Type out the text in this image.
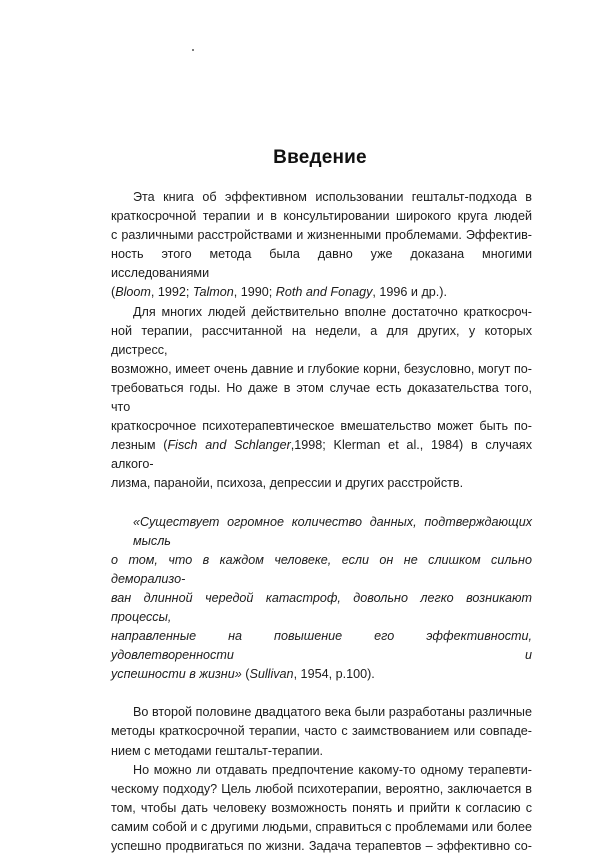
Введение

Эта книга об эффективном использовании гештальт-подхода в
краткосрочной терапии и в консультировании широкого круга людей
с различными расстройствами и жизненными проблемами. Эффектив-
ность этого метода была давно уже доказана многими исследованиями
(Bloom, 1992; Talmon, 1990; Roth and Fonagy, 1996 и др.).

Для многих людей действительно вполне достаточно краткосроч-
ной терапии, рассчитанной на недели, а для других, у которых дистресс,
возможно, имеет очень давние и глубокие корни, безусловно, могут по-
требоваться годы. Но даже в этом случае есть доказательства того, что
краткосрочное психотерапевтическое вмешательство может быть по-
лезным (Fisch and Schlanger,1998; Klerman et al., 1984) в случаях алкого-
лизма, паранойи, психоза, депрессии и других расстройств.

«Существует огромное количество данных, подтверждающих мысль
о том, что в каждом человеке, если он не слишком сильно деморализо-
ван длинной чередой катастроф, довольно легко возникают процессы,
направленные на повышение его эффективности, удовлетворенности и
успешности в жизни» (Sullivan, 1954, р.100).

Во второй половине двадцатого века были разработаны различные
методы краткосрочной терапии, часто с заимствованием или совпаде-
нием с методами гештальт-терапии.

Но можно ли отдавать предпочтение какому-то одному терапевти-
ческому подходу? Цель любой психотерапии, вероятно, заключается в
том, чтобы дать человеку возможность понять и прийти к согласию с
самим собой и с другими людьми, справиться с проблемами или более
успешно продвигаться по жизни. Задача терапевтов – эффективно со-
